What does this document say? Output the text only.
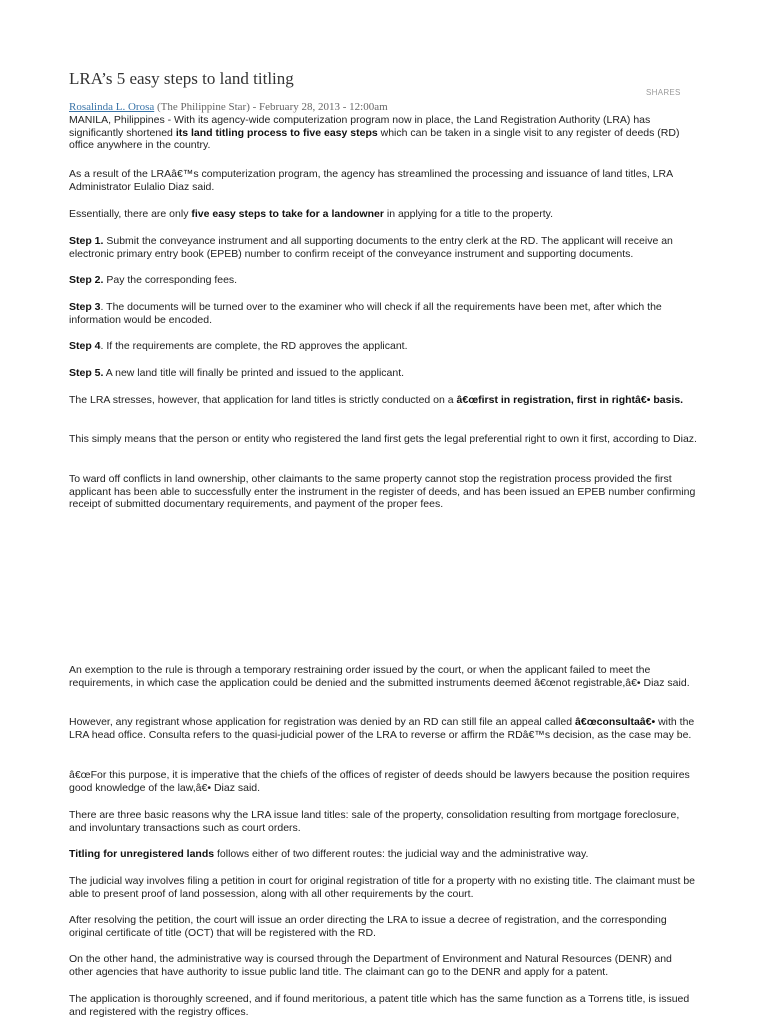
LRA’s 5 easy steps to land titling
SHARES
Rosalinda L. Orosa (The Philippine Star) - February 28, 2013 - 12:00am

MANILA, Philippines - With its agency-wide computerization program now in place, the Land Registration Authority (LRA) has significantly shortened its land titling process to five easy steps which can be taken in a single visit to any register of deeds (RD) office anywhere in the country.

As a result of the LRAâ€™s computerization program, the agency has streamlined the processing and issuance of land titles, LRA Administrator Eulalio Diaz said.

Essentially, there are only five easy steps to take for a landowner in applying for a title to the property.

Step 1. Submit the conveyance instrument and all supporting documents to the entry clerk at the RD. The applicant will receive an electronic primary entry book (EPEB) number to confirm receipt of the conveyance instrument and supporting documents.

Step 2. Pay the corresponding fees.

Step 3. The documents will be turned over to the examiner who will check if all the requirements have been met, after which the information would be encoded.

Step 4. If the requirements are complete, the RD approves the applicant.

Step 5. A new land title will finally be printed and issued to the applicant.

The LRA stresses, however, that application for land titles is strictly conducted on a â€œfirst in registration, first in rightâ€• basis.

This simply means that the person or entity who registered the land first gets the legal preferential right to own it first, according to Diaz.

To ward off conflicts in land ownership, other claimants to the same property cannot stop the registration process provided the first applicant has been able to successfully enter the instrument in the register of deeds, and has been issued an EPEB number confirming receipt of submitted documentary requirements, and payment of the proper fees.

An exemption to the rule is through a temporary restraining order issued by the court, or when the applicant failed to meet the requirements, in which case the application could be denied and the submitted instruments deemed â€œnot registrable,â€• Diaz said.

However, any registrant whose application for registration was denied by an RD can still file an appeal called â€œconsultaâ€• with the LRA head office. Consulta refers to the quasi-judicial power of the LRA to reverse or affirm the RDâ€™s decision, as the case may be.

â€œFor this purpose, it is imperative that the chiefs of the offices of register of deeds should be lawyers because the position requires good knowledge of the law,â€• Diaz said.

There are three basic reasons why the LRA issue land titles: sale of the property, consolidation resulting from mortgage foreclosure, and involuntary transactions such as court orders.

Titling for unregistered lands follows either of two different routes: the judicial way and the administrative way.

The judicial way involves filing a petition in court for original registration of title for a property with no existing title. The claimant must be able to present proof of land possession, along with all other requirements by the court.

After resolving the petition, the court will issue an order directing the LRA to issue a decree of registration, and the corresponding original certificate of title (OCT) that will be registered with the RD.

On the other hand, the administrative way is coursed through the Department of Environment and Natural Resources (DENR) and other agencies that have authority to issue public land title. The claimant can go to the DENR and apply for a patent.

The application is thoroughly screened, and if found meritorious, a patent title which has the same function as a Torrens title, is issued and registered with the registry offices.
